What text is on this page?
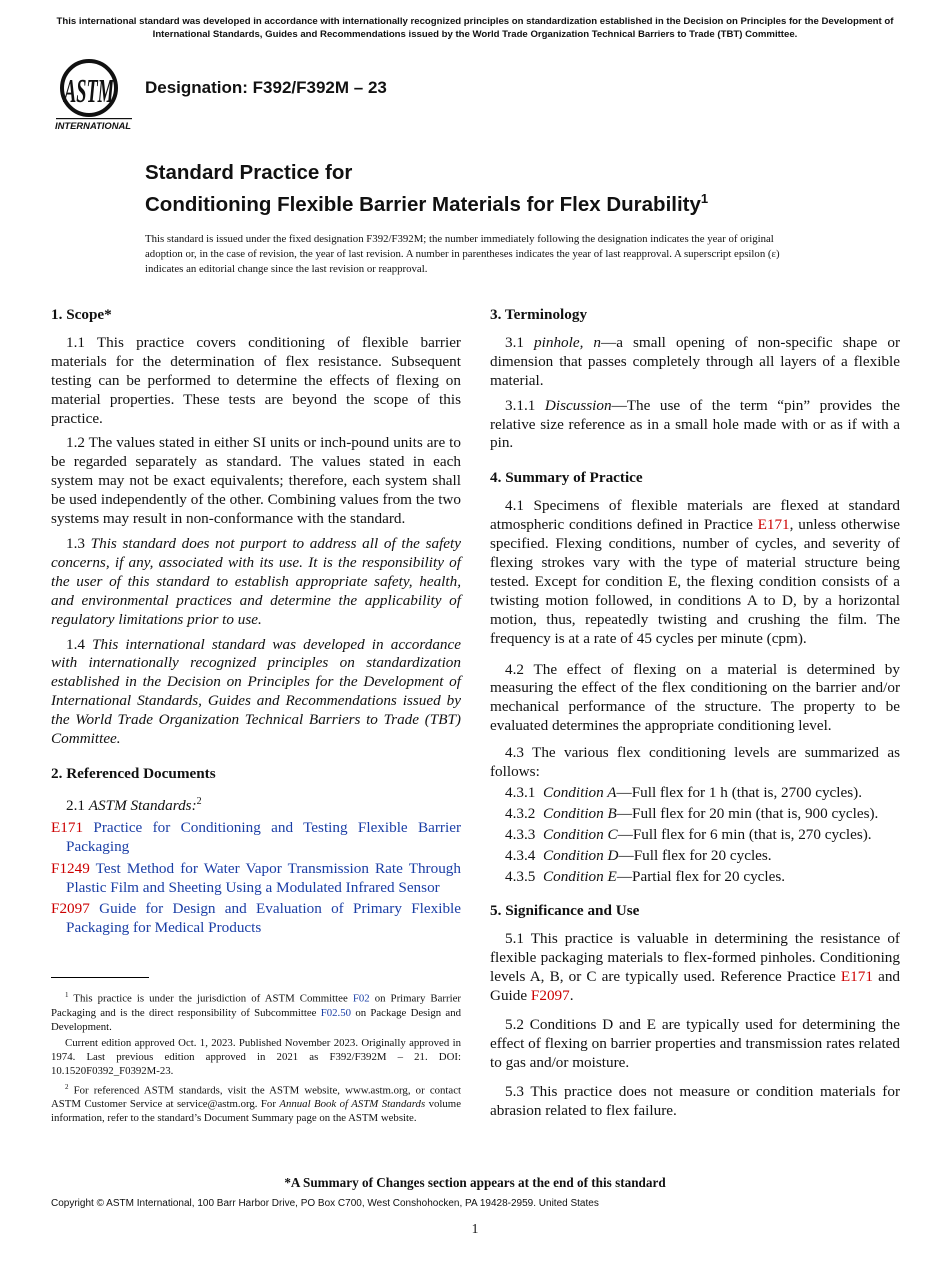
This international standard was developed in accordance with internationally recognized principles on standardization established in the Decision on Principles for the Development of International Standards, Guides and Recommendations issued by the World Trade Organization Technical Barriers to Trade (TBT) Committee.
ASTM
INTERNATIONAL
Designation: F392/F392M – 23
Standard Practice for
Conditioning Flexible Barrier Materials for Flex Durability$^1$
This standard is issued under the fixed designation F392/F392M; the number immediately following the designation indicates the year of original adoption or, in the case of revision, the year of last revision. A number in parentheses indicates the year of last reapproval. A superscript epsilon (ε) indicates an editorial change since the last revision or reapproval.
1. Scope*

1.1 This practice covers conditioning of flexible barrier materials for the determination of flex resistance. Subsequent testing can be performed to determine the effects of flexing on material properties. These tests are beyond the scope of this practice.

1.2 The values stated in either SI units or inch-pound units are to be regarded separately as standard. The values stated in each system may not be exact equivalents; therefore, each system shall be used independently of the other. Combining values from the two systems may result in non-conformance with the standard.

1.3 This standard does not purport to address all of the safety concerns, if any, associated with its use. It is the responsibility of the user of this standard to establish appropriate safety, health, and environmental practices and determine the applicability of regulatory limitations prior to use.

1.4 This international standard was developed in accordance with internationally recognized principles on standardization established in the Decision on Principles for the Development of International Standards, Guides and Recommendations issued by the World Trade Organization Technical Barriers to Trade (TBT) Committee.

2. Referenced Documents

2.1 ASTM Standards:$^2$

E171 Practice for Conditioning and Testing Flexible Barrier Packaging

F1249 Test Method for Water Vapor Transmission Rate Through Plastic Film and Sheeting Using a Modulated Infrared Sensor

F2097 Guide for Design and Evaluation of Primary Flexible Packaging for Medical Products

$^1$ This practice is under the jurisdiction of ASTM Committee F02 on Primary Barrier Packaging and is the direct responsibility of Subcommittee F02.50 on Package Design and Development.

Current edition approved Oct. 1, 2023. Published November 2023. Originally approved in 1974. Last previous edition approved in 2021 as F392/F392M – 21. DOI: 10.1520F0392_F0392M-23.

$^2$ For referenced ASTM standards, visit the ASTM website, www.astm.org, or contact ASTM Customer Service at service@astm.org. For Annual Book of ASTM Standards volume information, refer to the standard’s Document Summary page on the ASTM website.

3. Terminology

3.1 pinhole, n—a small opening of non-specific shape or dimension that passes completely through all layers of a flexible material.

3.1.1 Discussion—The use of the term “pin” provides the relative size reference as in a small hole made with or as if with a pin.

4. Summary of Practice

4.1 Specimens of flexible materials are flexed at standard atmospheric conditions defined in Practice E171, unless otherwise specified. Flexing conditions, number of cycles, and severity of flexing strokes vary with the type of material structure being tested. Except for condition E, the flexing condition consists of a twisting motion followed, in conditions A to D, by a horizontal motion, thus, repeatedly twisting and crushing the film. The frequency is at a rate of 45 cycles per minute (cpm).

4.2 The effect of flexing on a material is determined by measuring the effect of the flex conditioning on the barrier and/or mechanical performance of the structure. The property to be evaluated determines the appropriate conditioning level.

4.3 The various flex conditioning levels are summarized as follows:

4.3.1 Condition A—Full flex for 1 h (that is, 2700 cycles).

4.3.2 Condition B—Full flex for 20 min (that is, 900 cycles).

4.3.3 Condition C—Full flex for 6 min (that is, 270 cycles).

4.3.4 Condition D—Full flex for 20 cycles.

4.3.5 Condition E—Partial flex for 20 cycles.

5. Significance and Use

5.1 This practice is valuable in determining the resistance of flexible packaging materials to flex-formed pinholes. Conditioning levels A, B, or C are typically used. Reference Practice E171 and Guide F2097.

5.2 Conditions D and E are typically used for determining the effect of flexing on barrier properties and transmission rates related to gas and/or moisture.

5.3 This practice does not measure or condition materials for abrasion related to flex failure.

*A Summary of Changes section appears at the end of this standard
Copyright © ASTM International, 100 Barr Harbor Drive, PO Box C700, West Conshohocken, PA 19428-2959. United States
1
